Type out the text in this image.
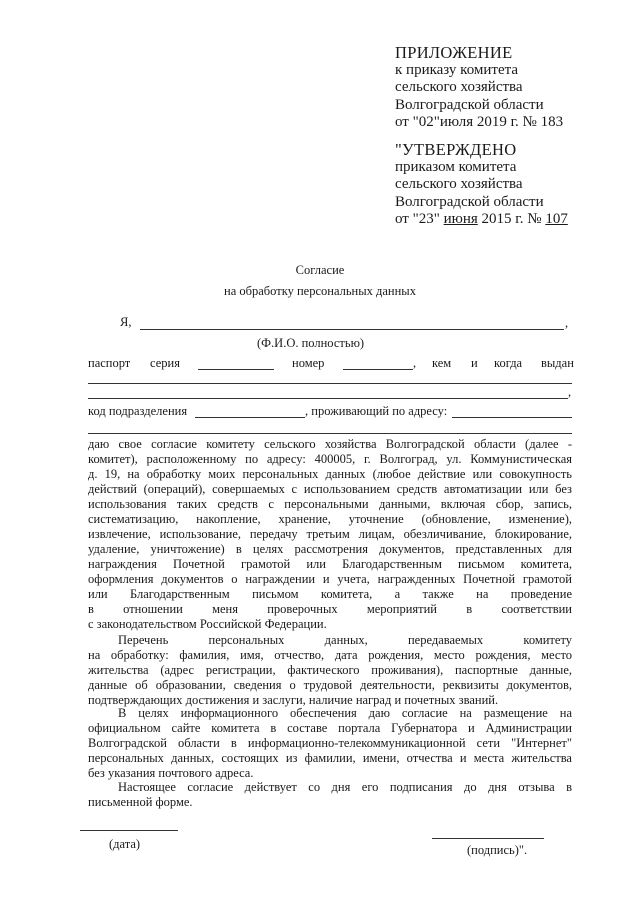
ПРИЛОЖЕНИЕ
к приказу комитета
сельского хозяйства
Волгоградской области
от "02"июля 2019 г. № 183
"УТВЕРЖДЕНО
приказом комитета
сельского хозяйства
Волгоградской области
от "23" июня 2015 г. № 107
Согласие
на обработку персональных данных
Я,	,
(Ф.И.О. полностью)
паспорт серия	номер	, кем и когда выдан
,
код подразделения	, проживающий по адресу:
даю свое согласие комитету сельского хозяйства Волгоградской области (далее -
комитет), расположенному по адресу: 400005, г. Волгоград, ул. Коммунистическая
д. 19, на обработку моих персональных данных (любое действие или совокупность
действий (операций), совершаемых с использованием средств автоматизации или без
использования таких средств с персональными данными, включая сбор, запись,
систематизацию, накопление, хранение, уточнение (обновление, изменение),
извлечение, использование, передачу третьим лицам, обезличивание, блокирование,
удаление, уничтожение) в целях рассмотрения документов, представленных для
награждения Почетной грамотой или Благодарственным письмом комитета,
оформления документов о награждении и учета, награжденных Почетной грамотой
или Благодарственным письмом комитета, а также на проведение
в отношении меня проверочных мероприятий в соответствии
с законодательством Российской Федерации.
Перечень персональных данных, передаваемых комитету
на обработку: фамилия, имя, отчество, дата рождения, место рождения, место
жительства (адрес регистрации, фактического проживания), паспортные данные,
данные об образовании, сведения о трудовой деятельности, реквизиты документов,
подтверждающих достижения и заслуги, наличие наград и почетных званий.
В целях информационного обеспечения даю согласие на размещение на
официальном сайте комитета в составе портала Губернатора и Администрации
Волгоградской области в информационно-телекоммуникационной сети "Интернет"
персональных данных, состоящих из фамилии, имени, отчества и места жительства
без указания почтового адреса.
Настоящее согласие действует со дня его подписания до дня отзыва в
письменной форме.
(дата)	(подпись)".
